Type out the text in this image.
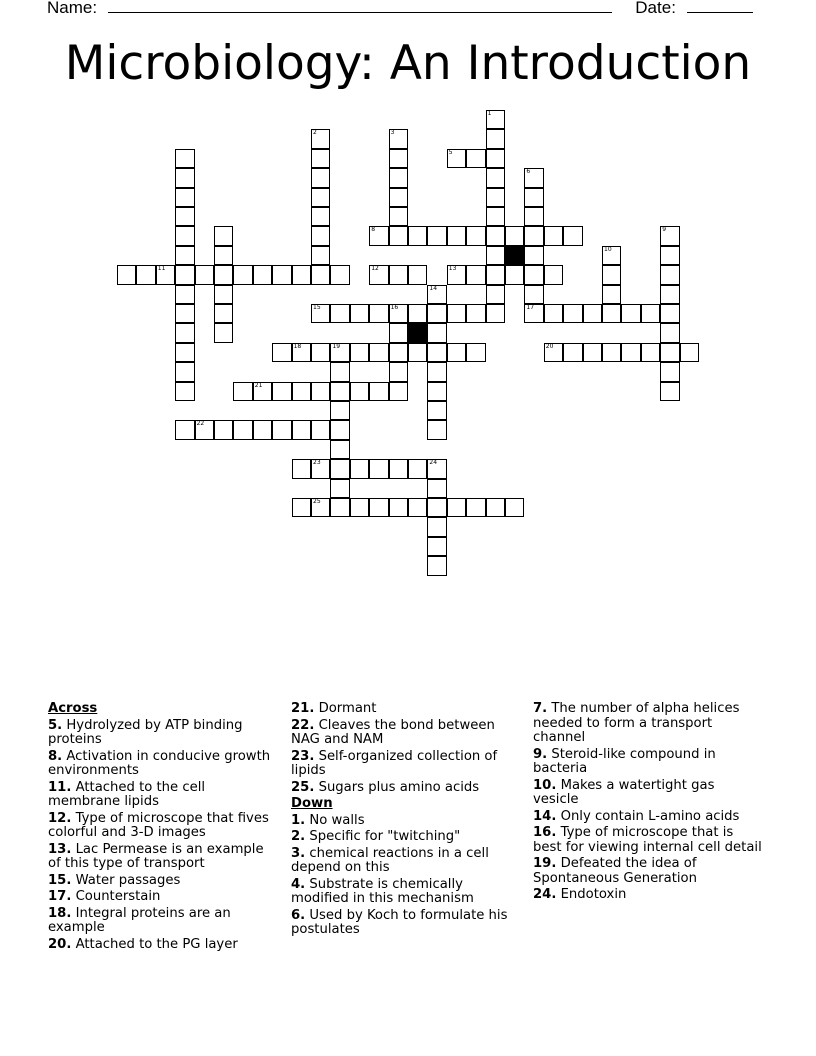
Name:	Date:
Microbiology: An Introduction
5
8
11	12	13
15	16	17
18	19	20
21
22
23	24
25
1
2	3
6
9
10
14
Across
5. Hydrolyzed by ATP binding proteins
8. Activation in conducive growth environments
11. Attached to the cell membrane lipids
12. Type of microscope that fives colorful and 3-D images
13. Lac Permease is an example of this type of transport
15. Water passages
17. Counterstain
18. Integral proteins are an example
20. Attached to the PG layer
21. Dormant
22. Cleaves the bond between NAG and NAM
23. Self-organized collection of lipids
25. Sugars plus amino acids
Down
1. No walls
2. Specific for "twitching"
3. chemical reactions in a cell depend on this
4. Substrate is chemically modified in this mechanism
6. Used by Koch to formulate his postulates
7. The number of alpha helices needed to form a transport channel
9. Steroid-like compound in bacteria
10. Makes a watertight gas vesicle
14. Only contain L-amino acids
16. Type of microscope that is best for viewing internal cell detail
19. Defeated the idea of Spontaneous Generation
24. Endotoxin
